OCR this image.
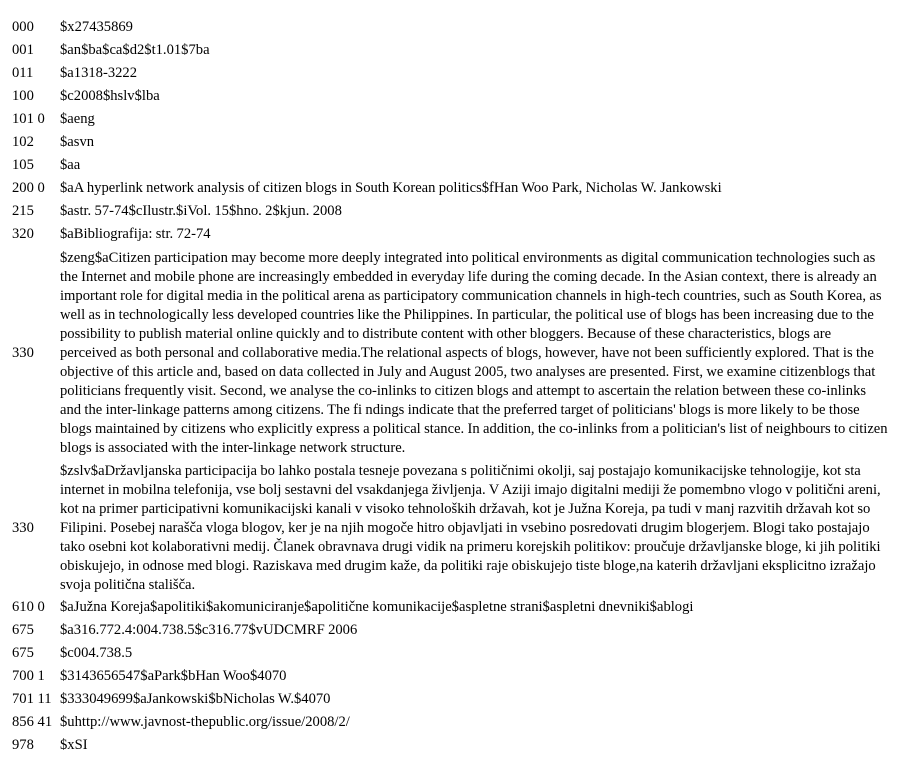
000	$x27435869
001	$an$ba$ca$d2$t1.01$7ba
011	$a1318-3222
100	$c2008$hslv$lba
101 0	$aeng
102	$asvn
105	$aa
200 0	$aA hyperlink network analysis of citizen blogs in South Korean politics$fHan Woo Park, Nicholas W. Jankowski
215	$astr. 57-74$cIlustr.$iVol. 15$hno. 2$kjun. 2008
320	$aBibliografija: str. 72-74
330	$zeng$aCitizen participation may become more deeply integrated into political environments as digital communication technologies such as the Internet and mobile phone are increasingly embedded in everyday life during the coming decade. In the Asian context, there is already an important role for digital media in the political arena as participatory communication channels in high-tech countries, such as South Korea, as well as in technologically less developed countries like the Philippines. In particular, the political use of blogs has been increasing due to the possibility to publish material online quickly and to distribute content with other bloggers. Because of these characteristics, blogs are perceived as both personal and collaborative media.The relational aspects of blogs, however, have not been sufficiently explored. That is the objective of this article and, based on data collected in July and August 2005, two analyses are presented. First, we examine citizenblogs that politicians frequently visit. Second, we analyse the co-inlinks to citizen blogs and attempt to ascertain the relation between these co-inlinks and the inter-linkage patterns among citizens. The fi ndings indicate that the preferred target of politicians' blogs is more likely to be those blogs maintained by citizens who explicitly express a political stance. In addition, the co-inlinks from a politician's list of neighbours to citizen blogs is associated with the inter-linkage network structure.
330	$zslv$aDržavljanska participacija bo lahko postala tesneje povezana s političnimi okolji, saj postajajo komunikacijske tehnologije, kot sta internet in mobilna telefonija, vse bolj sestavni del vsakdanjega življenja. V Aziji imajo digitalni mediji že pomembno vlogo v politični areni, kot na primer participativni komunikacijski kanali v visoko tehnoloških državah, kot je Južna Koreja, pa tudi v manj razvitih državah kot so Filipini. Posebej narašča vloga blogov, ker je na njih mogoče hitro objavljati in vsebino posredovati drugim blogerjem. Blogi tako postajajo tako osebni kot kolaborativni medij. Članek obravnava drugi vidik na primeru korejskih politikov: proučuje državljanske bloge, ki jih politiki obiskujejo, in odnose med blogi. Raziskava med drugim kaže, da politiki raje obiskujejo tiste bloge,na katerih državljani eksplicitno izražajo svoja politična stališča.
610 0	$aJužna Koreja$apolitiki$akomuniciranje$apolitične komunikacije$aspletne strani$aspletni dnevniki$ablogi
675	$a316.772.4:004.738.5$c316.77$vUDCMRF 2006
675	$c004.738.5
700 1	$3143656547$aPark$bHan Woo$4070
701 11	$333049699$aJankowski$bNicholas W.$4070
856 41	$uhttp://www.javnost-thepublic.org/issue/2008/2/
978	$xSI
